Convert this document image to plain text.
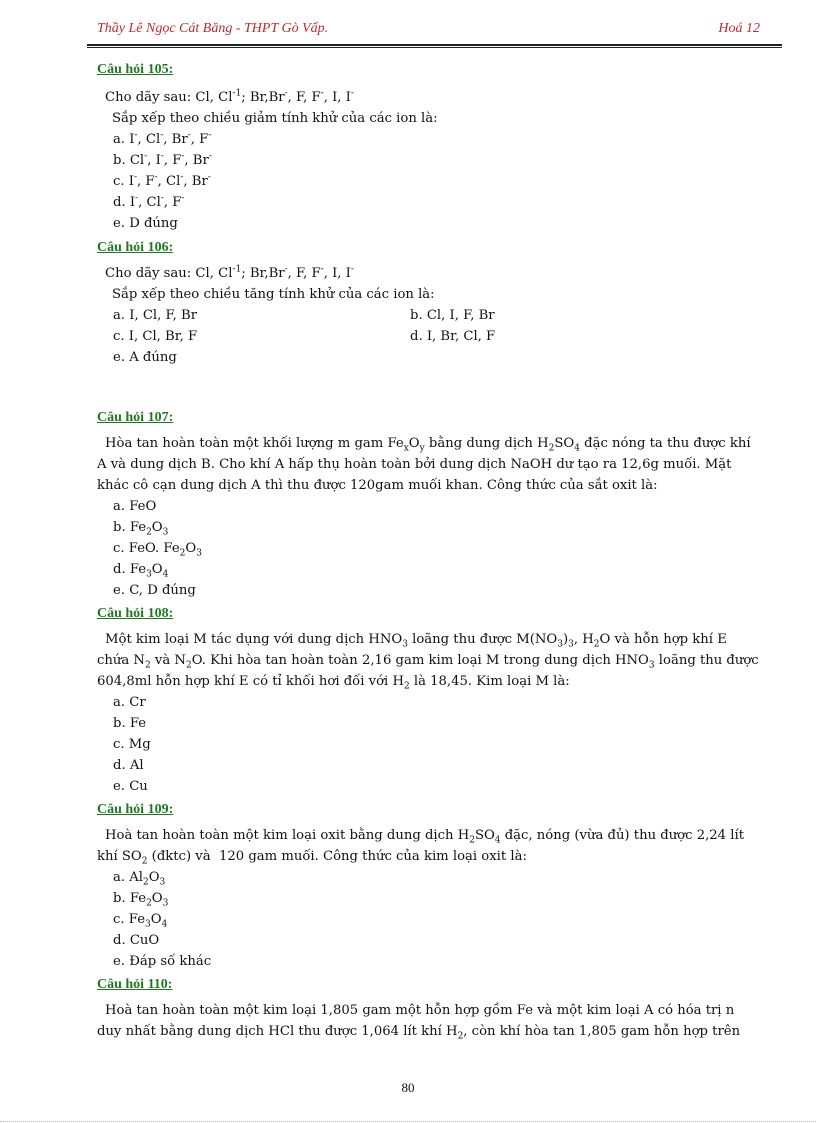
Thầy Lê Ngọc Cát Băng - THPT Gò Vấp.	Hoá 12

Câu hỏi 105:

Cho dãy sau: Cl, $Cl^{-1}$; Br,Br-, F, F-, I, I-

Sắp xếp theo chiều giảm tính khử của các ion là:

a. I-, Cl-, Br-, F-

b. Cl-, I-, F-, Br-

c. I-, F-, Cl-, Br-

d. I-, Cl-, F-

e. D đúng

Câu hỏi 106:

Cho dãy sau: Cl, $Cl^{-1}$; Br,Br-, F, F-, I, I-

Sắp xếp theo chiều tăng tính khử của các ion là:

a. I, Cl, F, Br	b. Cl, I, F, Br
c. I, Cl, Br, F	d. I, Br, Cl, F

e. A đúng

Câu hỏi 107:

Hòa tan hoàn toàn một khối lượng m gam $Fe_xO_y$ bằng dung dịch $H_2SO_4$ đặc nóng ta thu được khí

A và dung dịch B. Cho khí A hấp thụ hoàn toàn bởi dung dịch NaOH dư tạo ra 12,6g muối. Mặt

khác cô cạn dung dịch A thì thu được 120gam muối khan. Công thức của sắt oxit là:

a. FeO

b. $Fe_2O_3$

c. FeO. $Fe_2O_3$

d. $Fe_3O_4$

e. C, D đúng

Câu hỏi 108:

Một kim loại M tác dụng với dung dịch $HNO_3$ loãng thu được $M(NO_3)_3$, $H_2O$ và hỗn hợp khí E

chứa $N_2$ và $N_2O$. Khi hòa tan hoàn toàn 2,16 gam kim loại M trong dung dịch $HNO_3$ loãng thu được

604,8ml hỗn hợp khí E có tỉ khối hơi đối với $H_2$ là 18,45. Kim loại M là:

a. Cr

b. Fe

c. Mg

d. Al

e. Cu

Câu hỏi 109:

Hoà tan hoàn toàn một kim loại oxit bằng dung dịch $H_2SO_4$ đặc, nóng (vừa đủ) thu được 2,24 lít

khí $SO_2$ (đktc) và  120 gam muối. Công thức của kim loại oxit là:

a. $Al_2O_3$

b. $Fe_2O_3$

c. $Fe_3O_4$

d. CuO

e. Đáp số khác

Câu hỏi 110:

Hoà tan hoàn toàn một kim loại 1,805 gam một hỗn hợp gồm Fe và một kim loại A có hóa trị n

duy nhất bằng dung dịch HCl thu được 1,064 lít khí $H_2$, còn khí hòa tan 1,805 gam hỗn hợp trên

80
